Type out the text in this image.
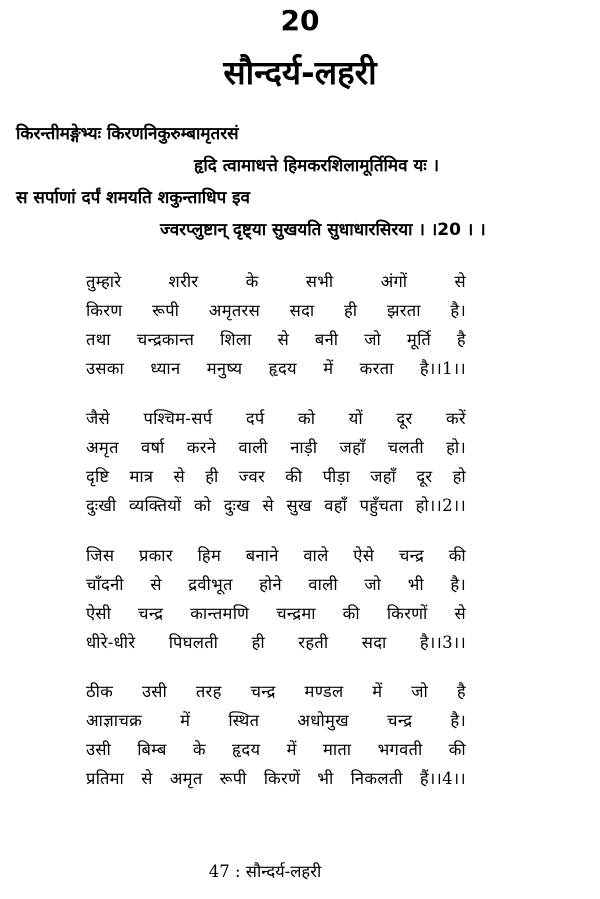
20
सौन्दर्य-लहरी
किरन्तीमङ्गेभ्यः किरणनिकुरुम्बामृतरसं
हृदि त्वामाधत्ते हिमकरशिलामूर्तिमिव यः ।
स सर्पाणां दर्पं शमयति शकुन्ताधिप इव
ज्वरप्लुष्टान् दृष्ट्या सुखयति सुधाधारसिरया । ।20 । ।
तुम्हारे शरीर के सभी अंगों से
किरण रूपी अमृतरस सदा ही झरता है।
तथा चन्द्रकान्त शिला से बनी जो मूर्ति है
उसका ध्यान मनुष्य हृदय में करता है।।1।।
जैसे पश्चिम-सर्प दर्प को यों दूर करें
अमृत वर्षा करने वाली नाड़ी जहाँ चलती हो।
दृष्टि मात्र से ही ज्वर की पीड़ा जहाँ दूर हो
दुःखी व्यक्तियों को दुःख से सुख वहाँ पहुँचता हो।।2।।
जिस प्रकार हिम बनाने वाले ऐसे चन्द्र की
चाँदनी से द्रवीभूत होने वाली जो भी है।
ऐसी चन्द्र कान्तमणि चन्द्रमा की किरणों से
धीरे-धीरे पिघलती ही रहती सदा है।।3।।
ठीक उसी तरह चन्द्र मण्डल में जो है
आज्ञाचक्र में स्थित अधोमुख चन्द्र है।
उसी बिम्ब के हृदय में माता भगवती की
प्रतिमा से अमृत रूपी किरणें भी निकलती हैं।।4।।
47 : सौन्दर्य-लहरी
